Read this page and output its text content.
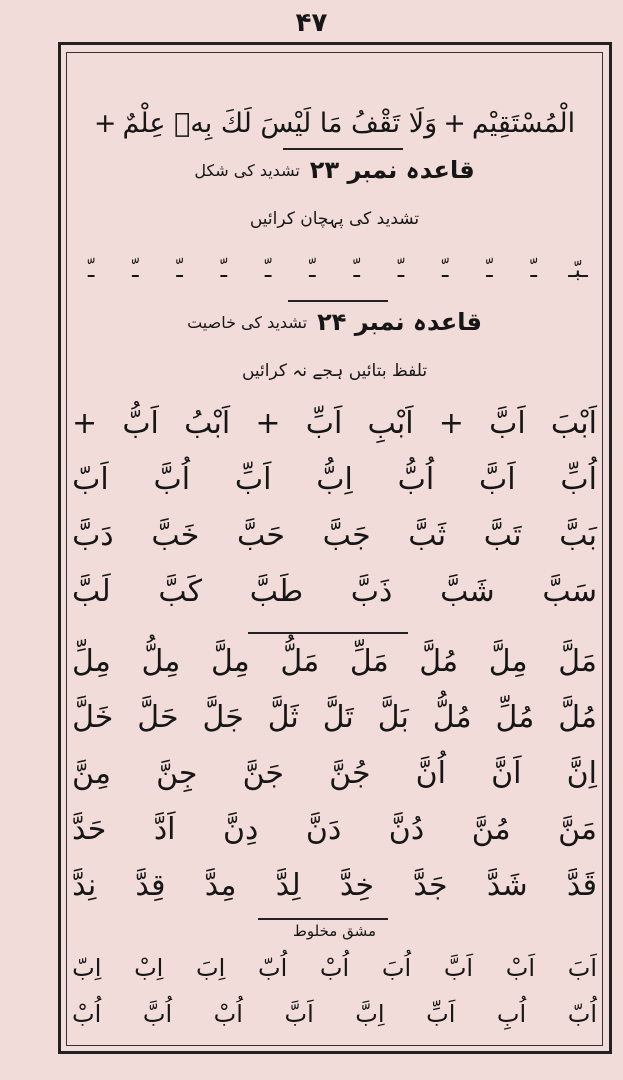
۴۷
الْمُسْتَقِيْم
+
وَلَا تَقْفُ مَا لَيْسَ لَكَ بِهٖ عِلْمٌ
+
قاعدہ نمبر ۲۳
تشدید کی شکل
تشدید کی پہچان کرائیں
ـبّـ
ـّ
ـّ
ـّ
ـّ
ـّ
ـّ
ـّ
ـّ
ـّ
ـّ
ـّ
قاعدہ نمبر ۲۴
تشدید کی خاصیت
تلفظ بتائیں ہجے نہ کرائیں
اَبْبَ
اَبَّ
+
اَبْبِ
اَبِّ
+
اَبْبُ
اَبُّ
+
اُبِّ
اَبَّ
اُبُّ
اِبُّ
اَبِّ
اُبَّ
اَبّ
بَبَّ
تَبَّ
ثَبَّ
جَبَّ
حَبَّ
خَبَّ
دَبَّ
سَبَّ
شَبَّ
ذَبَّ
طَبَّ
كَبَّ
لَبَّ
مَلَّ
مِلَّ
مُلَّ
مَلِّ
مَلُّ
مِلَّ
مِلُّ
مِلِّ
مُلَّ
مُلِّ
مُلُّ
بَلَّ
تَلَّ
ثَلَّ
جَلَّ
حَلَّ
خَلَّ
اِنَّ
اَنَّ
اُنَّ
جُنَّ
جَنَّ
جِنَّ
مِنَّ
مَنَّ
مُنَّ
دُنَّ
دَنَّ
دِنَّ
اَدَّ
حَدَّ
قَدَّ
شَدَّ
جَدَّ
خِدَّ
لِدَّ
مِدَّ
قِدَّ
نِدَّ
مشق مخلوط
اَبَ
اَبْ
اَبَّ
اُبَ
اُبْ
اُبّ
اِبَ
اِبْ
اِبّ
اُبّ
اُبِ
اَبِّ
اِبَّ
اَبَّ
اُبْ
اُبَّ
اُبْ
